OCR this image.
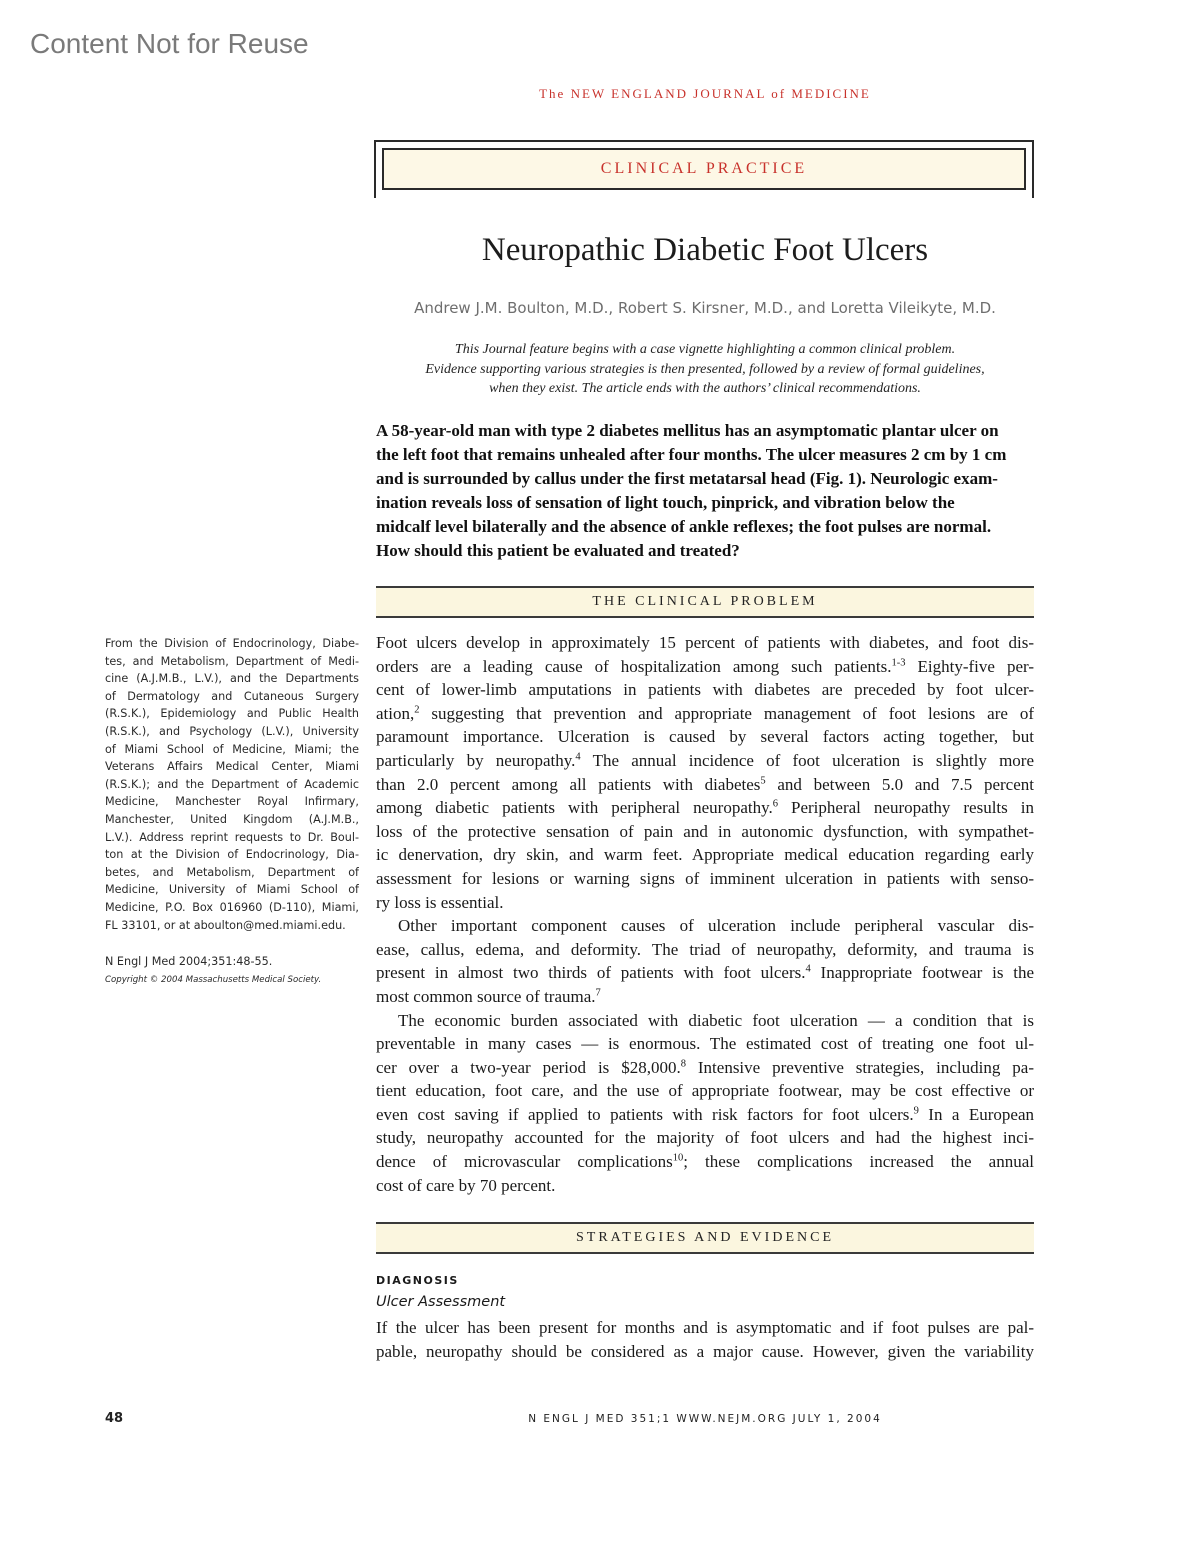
Content Not for Reuse
The NEW ENGLAND JOURNAL of MEDICINE
CLINICAL PRACTICE
Neuropathic Diabetic Foot Ulcers
Andrew J.M. Boulton, M.D., Robert S. Kirsner, M.D., and Loretta Vileikyte, M.D.
This Journal feature begins with a case vignette highlighting a common clinical problem.
Evidence supporting various strategies is then presented, followed by a review of formal guidelines,
when they exist. The article ends with the authors’ clinical recommendations.
A 58-year-old man with type 2 diabetes mellitus has an asymptomatic plantar ulcer on
the left foot that remains unhealed after four months. The ulcer measures 2 cm by 1 cm
and is surrounded by callus under the first metatarsal head (Fig. 1). Neurologic exam-
ination reveals loss of sensation of light touch, pinprick, and vibration below the
midcalf level bilaterally and the absence of ankle reflexes; the foot pulses are normal.
How should this patient be evaluated and treated?
THE CLINICAL PROBLEM
From the Division of Endocrinology, Diabe-
tes, and Metabolism, Department of Medi-
cine (A.J.M.B., L.V.), and the Departments
of Dermatology and Cutaneous Surgery
(R.S.K.), Epidemiology and Public Health
(R.S.K.), and Psychology (L.V.), University
of Miami School of Medicine, Miami; the
Veterans Affairs Medical Center, Miami
(R.S.K.); and the Department of Academic
Medicine, Manchester Royal Infirmary,
Manchester, United Kingdom (A.J.M.B.,
L.V.). Address reprint requests to Dr. Boul-
ton at the Division of Endocrinology, Dia-
betes, and Metabolism, Department of
Medicine, University of Miami School of
Medicine, P.O. Box 016960 (D-110), Miami,
FL 33101, or at aboulton@med.miami.edu.
N Engl J Med 2004;351:48-55.
Copyright © 2004 Massachusetts Medical Society.
Foot ulcers develop in approximately 15 percent of patients with diabetes, and foot dis-
orders are a leading cause of hospitalization among such patients.$^{1-3}$ Eighty-five per-
cent of lower-limb amputations in patients with diabetes are preceded by foot ulcer-
ation,$^2$ suggesting that prevention and appropriate management of foot lesions are of
paramount importance. Ulceration is caused by several factors acting together, but
particularly by neuropathy.$^4$ The annual incidence of foot ulceration is slightly more
than 2.0 percent among all patients with diabetes$^5$ and between 5.0 and 7.5 percent
among diabetic patients with peripheral neuropathy.$^6$ Peripheral neuropathy results in
loss of the protective sensation of pain and in autonomic dysfunction, with sympathet-
ic denervation, dry skin, and warm feet. Appropriate medical education regarding early
assessment for lesions or warning signs of imminent ulceration in patients with senso-
ry loss is essential.
Other important component causes of ulceration include peripheral vascular dis-
ease, callus, edema, and deformity. The triad of neuropathy, deformity, and trauma is
present in almost two thirds of patients with foot ulcers.$^4$ Inappropriate footwear is the
most common source of trauma.$^7$
The economic burden associated with diabetic foot ulceration — a condition that is
preventable in many cases — is enormous. The estimated cost of treating one foot ul-
cer over a two-year period is $28,000.$^8$ Intensive preventive strategies, including pa-
tient education, foot care, and the use of appropriate footwear, may be cost effective or
even cost saving if applied to patients with risk factors for foot ulcers.$^9$ In a European
study, neuropathy accounted for the majority of foot ulcers and had the highest inci-
dence of microvascular complications$^{10}$; these complications increased the annual
cost of care by 70 percent.
STRATEGIES AND EVIDENCE
DIAGNOSIS
Ulcer Assessment
If the ulcer has been present for months and is asymptomatic and if foot pulses are pal-
pable, neuropathy should be considered as a major cause. However, given the variability
48	N ENGL J MED 351;1 WWW.NEJM.ORG JULY 1, 2004
